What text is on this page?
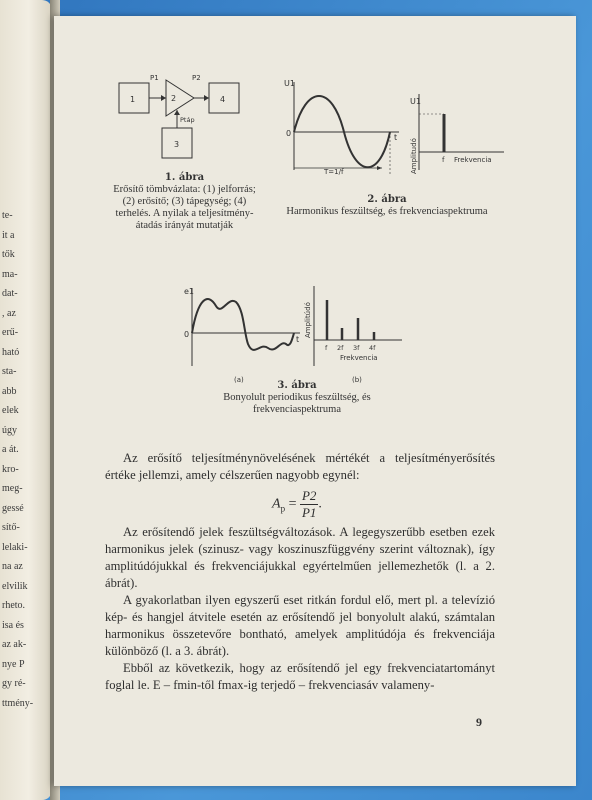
te-
it a
tők
ma-
dat-
, az
erű-
ható
sta-
abb
elek
úgy
a át.
kro-
meg-
gessé
sítő-
lelaki-
na az
elvilik
rheto.
isa és
az ak-
nye P
gy ré-
ttmény-
1	2	4
3
P1	P2
Ptáp
1. ábra
Erősítő tömbvázlata: (1) jelforrás; (2) erősítő; (3) tápegység; (4) terhelés. A nyilak a teljesítmény-átadás irányát mutatják
U1
0	t
T=1/f
U1
Amplitudó	f Frekvencia
2. ábra
Harmonikus feszültség, és frekvenciaspektruma
e1
0
t
(a)
Amplitúdó
f 2f 3f 4f
Frekvencia
(b)
3. ábra
Bonyolult periodikus feszültség, és frekvenciaspektruma

Az erősítő teljesítménynövelésének mértékét a teljesítményerősítés értéke jellemzi, amely célszerűen nagyobb egynél:

$A_p = \frac{P2}{P1}$ .

Az erősítendő jelek feszültségváltozások. A legegyszerűbb esetben ezek harmonikus jelek (szinusz- vagy koszinuszfüggvény szerint változnak), így amplitúdójukkal és frekvenciájukkal egyértelműen jellemezhetők (l. a 2. ábrát).

A gyakorlatban ilyen egyszerű eset ritkán fordul elő, mert pl. a televízió kép- és hangjel átvitele esetén az erősítendő jel bonyolult alakú, számtalan harmonikus összetevőre bontható, amelyek amplitúdója és frekvenciája különböző (l. a 3. ábrát).

Ebből az következik, hogy az erősítendő jel egy frekvenciatartományt foglal le. E – fmin-től fmax-ig terjedő – frekvenciasáv valameny-

9
